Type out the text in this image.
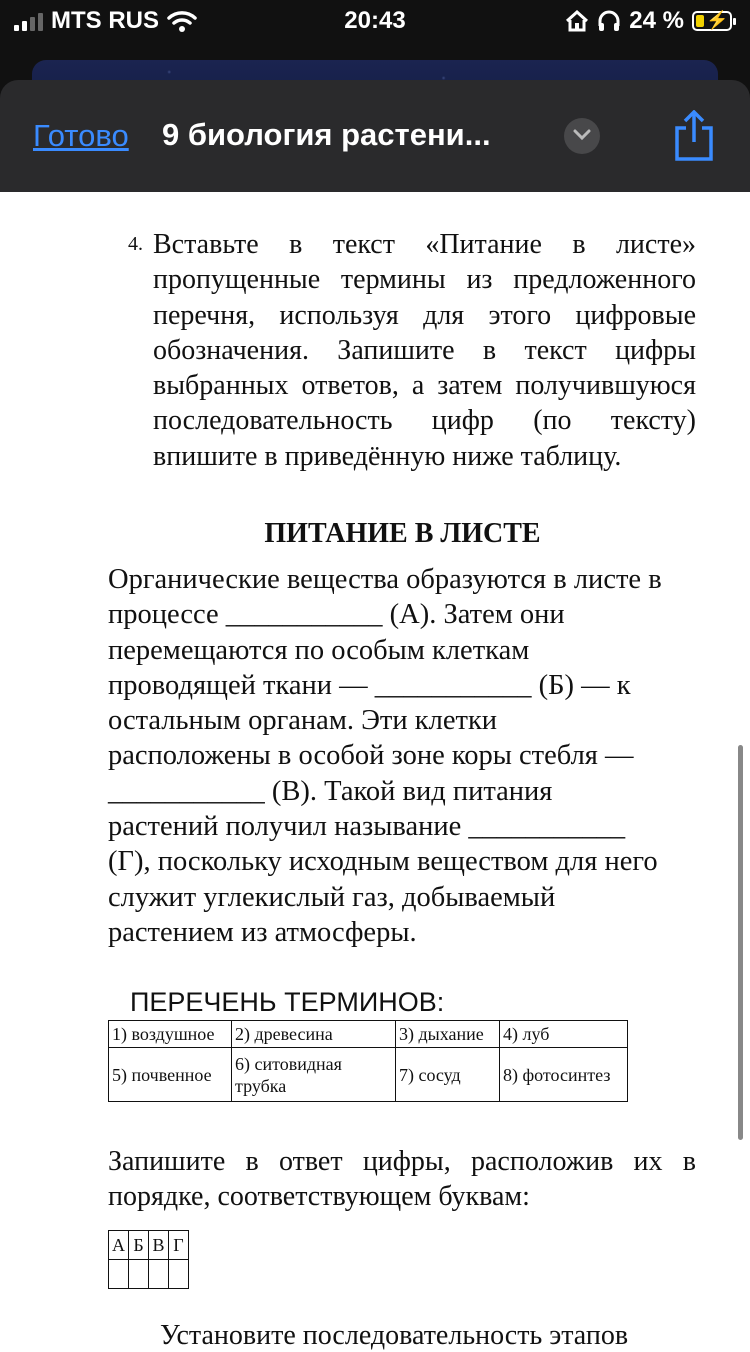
MTS RUS	20:43	24 % ⚡
Готово 9 биология растени...
4. Вставьте в текст «Питание в листе» пропущенные термины из предложенного перечня, используя для этого цифровые обозначения. Запишите в текст цифры выбранных ответов, а затем получившуюся последовательность цифр (по тексту) впишите в приведённую ниже таблицу.
ПИТАНИЕ В ЛИСТЕ
Органические вещества образуются в листе в
процессе ___________ (А). Затем они
перемещаются по особым клеткам
проводящей ткани — ___________ (Б) — к
остальным органам. Эти клетки
расположены в особой зоне коры стебля —
___________ (В). Такой вид питания
растений получил называние ___________
(Г), поскольку исходным веществом для него
служит углекислый газ, добываемый
растением из атмосферы.
ПЕРЕЧЕНЬ ТЕРМИНОВ:
1) воздушное	2) древесина	3) дыхание	4) луб
5) почвенное	6) ситовидная трубка	7) сосуд	8) фотосинтез
Запишите в ответ цифры, расположив их в порядке, соответствующем буквам:
А	Б	В	Г

Установите последовательность этапов
